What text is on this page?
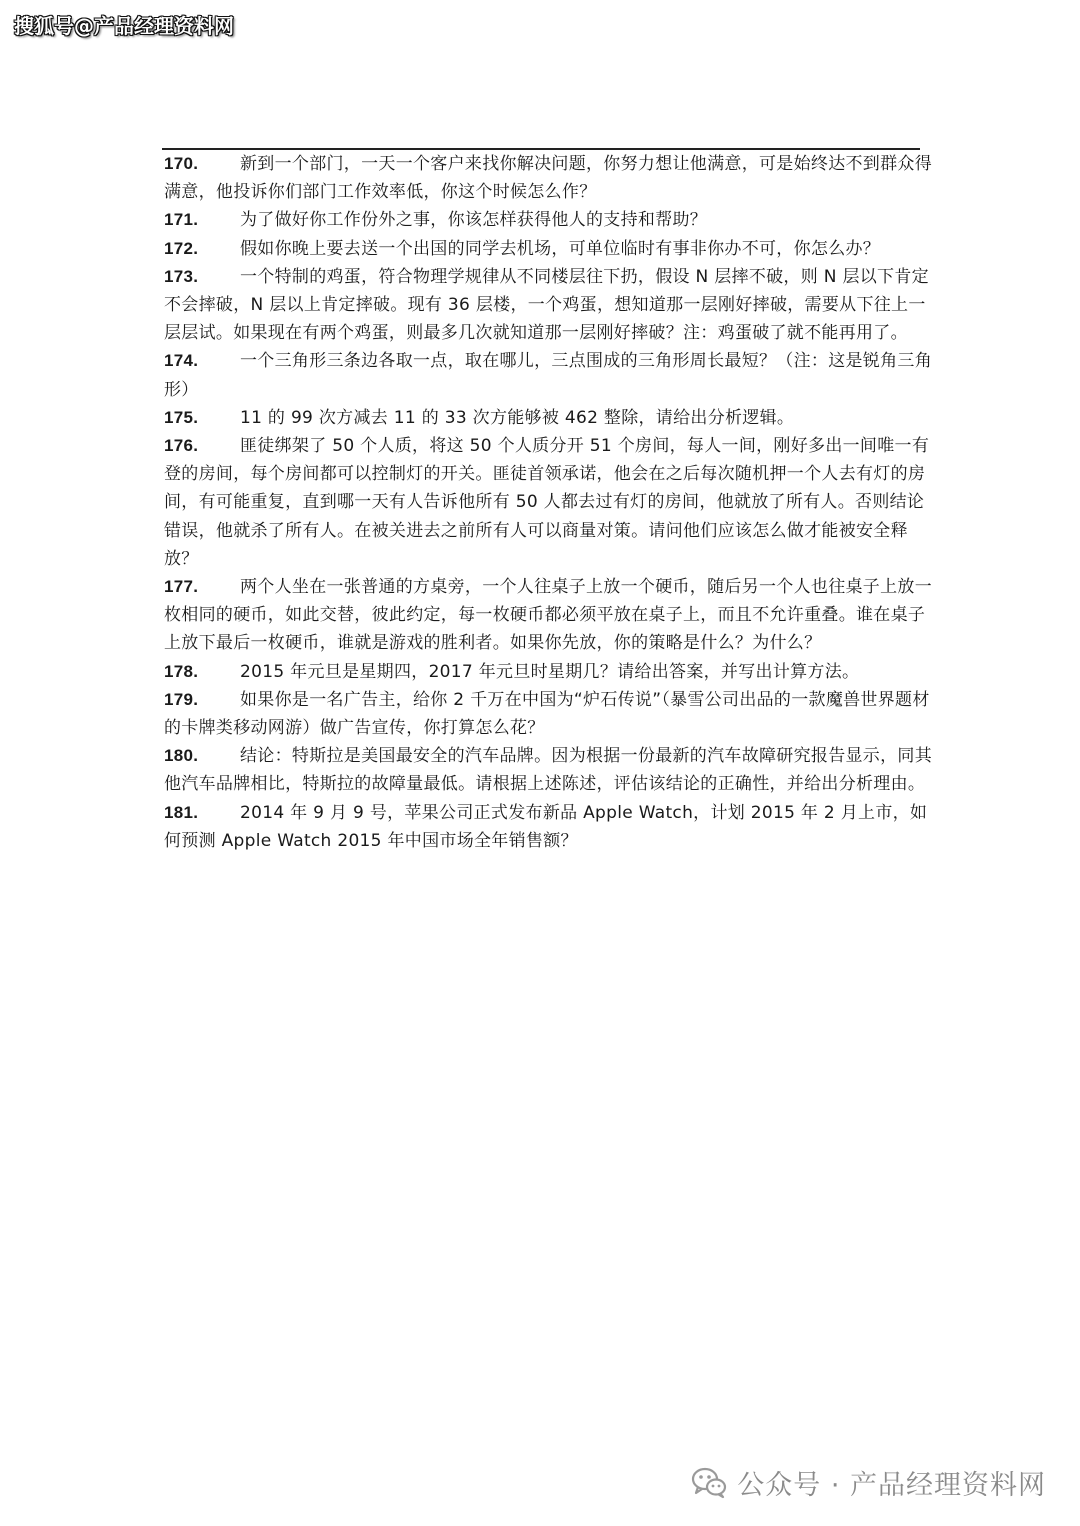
搜狐号@产品经理资料网
170. 新到一个部门，一天一个客户来找你解决问题，你努力想让他满意，可是始终达不到群众得满意，他投诉你们部门工作效率低，你这个时候怎么作？
171. 为了做好你工作份外之事，你该怎样获得他人的支持和帮助？
172. 假如你晚上要去送一个出国的同学去机场，可单位临时有事非你办不可，你怎么办？
173. 一个特制的鸡蛋，符合物理学规律从不同楼层往下扔，假设 N 层摔不破，则 N 层以下肯定不会摔破，N 层以上肯定摔破。现有 36 层楼，一个鸡蛋，想知道那一层刚好摔破，需要从下往上一层层试。如果现在有两个鸡蛋，则最多几次就知道那一层刚好摔破？注：鸡蛋破了就不能再用了。
174. 一个三角形三条边各取一点，取在哪儿，三点围成的三角形周长最短？（注：这是锐角三角形）
175. 11 的 99 次方减去 11 的 33 次方能够被 462 整除，请给出分析逻辑。
176. 匪徒绑架了 50 个人质，将这 50 个人质分开 51 个房间，每人一间，刚好多出一间唯一有登的房间，每个房间都可以控制灯的开关。匪徒首领承诺，他会在之后每次随机押一个人去有灯的房间，有可能重复，直到哪一天有人告诉他所有 50 人都去过有灯的房间，他就放了所有人。否则结论错误，他就杀了所有人。在被关进去之前所有人可以商量对策。请问他们应该怎么做才能被安全释放？
177. 两个人坐在一张普通的方桌旁，一个人往桌子上放一个硬币，随后另一个人也往桌子上放一枚相同的硬币，如此交替，彼此约定，每一枚硬币都必须平放在桌子上，而且不允许重叠。谁在桌子上放下最后一枚硬币，谁就是游戏的胜利者。如果你先放，你的策略是什么？为什么？
178. 2015 年元旦是星期四，2017 年元旦时星期几？请给出答案，并写出计算方法。
179. 如果你是一名广告主，给你 2 千万在中国为“炉石传说”（暴雪公司出品的一款魔兽世界题材的卡牌类移动网游）做广告宣传，你打算怎么花？
180. 结论：特斯拉是美国最安全的汽车品牌。因为根据一份最新的汽车故障研究报告显示，同其他汽车品牌相比，特斯拉的故障量最低。请根据上述陈述，评估该结论的正确性，并给出分析理由。
181. 2014 年 9 月 9 号，苹果公司正式发布新品 Apple Watch，计划 2015 年 2 月上市，如何预测 Apple Watch 2015 年中国市场全年销售额？
公众号 · 产品经理资料网
